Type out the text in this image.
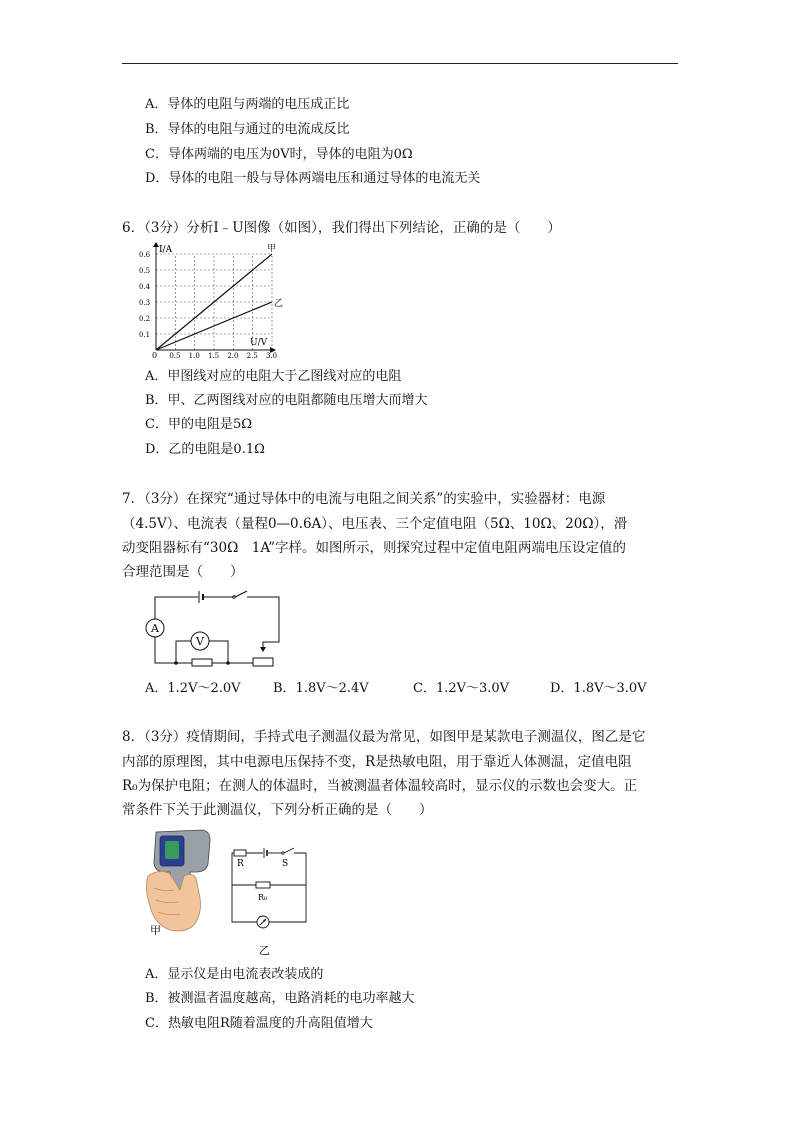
A．导体的电阻与两端的电压成正比
B．导体的电阻与通过的电流成反比
C．导体两端的电压为0V时，导体的电阻为0Ω
D．导体的电阻一般与导体两端电压和通过导体的电流无关
6．（3分）分析I﹣U图像（如图），我们得出下列结论，正确的是（　　）
I/A
U/V
0 0.5 1.0 1.5 2.0 2.5 3.0
0.1
0.2
0.3
0.4
0.5
0.6
甲
乙
A．甲图线对应的电阻大于乙图线对应的电阻
B．甲、乙两图线对应的电阻都随电压增大而增大
C．甲的电阻是5Ω
D．乙的电阻是0.1Ω
7．（3分）在探究“通过导体中的电流与电阻之间关系”的实验中，实验器材：电源
（4.5V）、电流表（量程0—0.6A）、电压表、三个定值电阻（5Ω、10Ω、20Ω），滑
动变阻器标有“30Ω　1A”字样。如图所示，则探究过程中定值电阻两端电压设定值的
合理范围是（　　）
A
V
A．1.2V～2.0V B．1.8V～2.4V	C．1.2V～3.0V	D．1.8V～3.0V
8．（3分）疫情期间，手持式电子测温仪最为常见，如图甲是某款电子测温仪，图乙是它
内部的原理图，其中电源电压保持不变，R是热敏电阻，用于靠近人体测温，定值电阻
R₀为保护电阻；在测人的体温时，当被测温者体温较高时，显示仪的示数也会变大。正
常条件下关于此测温仪，下列分析正确的是（　　）
甲
R	S
R₀
乙
A．显示仪是由电流表改装成的
B．被测温者温度越高，电路消耗的电功率越大
C．热敏电阻R随着温度的升高阻值增大
